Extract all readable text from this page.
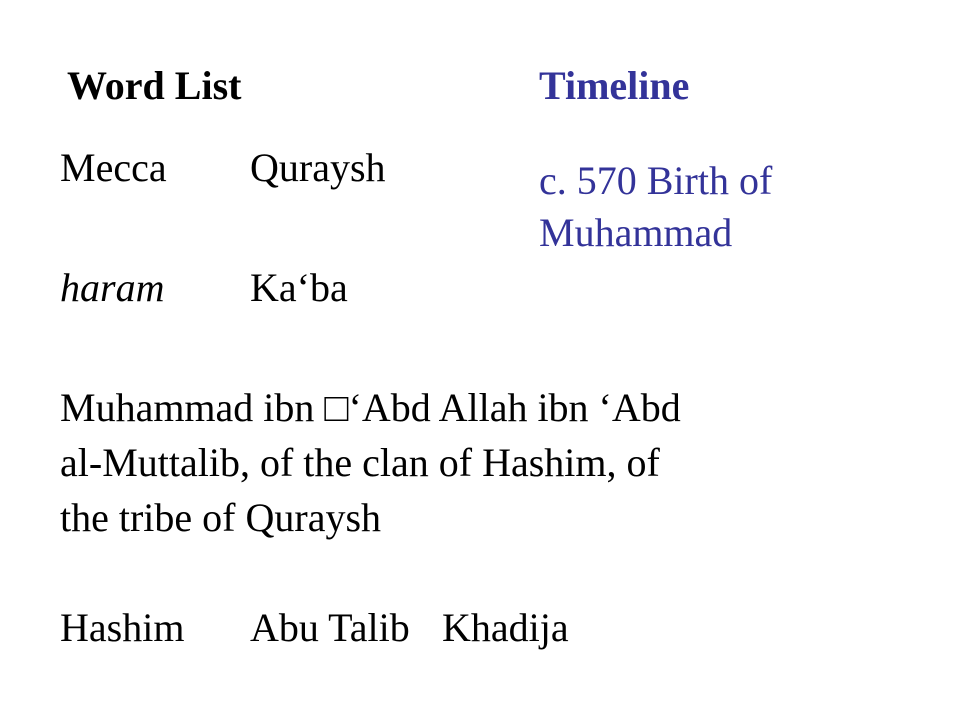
Word List	Timeline
c. 570 Birth of
Muhammad
Mecca Quraysh
haram Ka‘ba
Muhammad ibn □‘Abd Allah ibn ‘Abd
al-Muttalib, of the clan of Hashim, of
the tribe of Quraysh
Hashim Abu Talib Khadija
